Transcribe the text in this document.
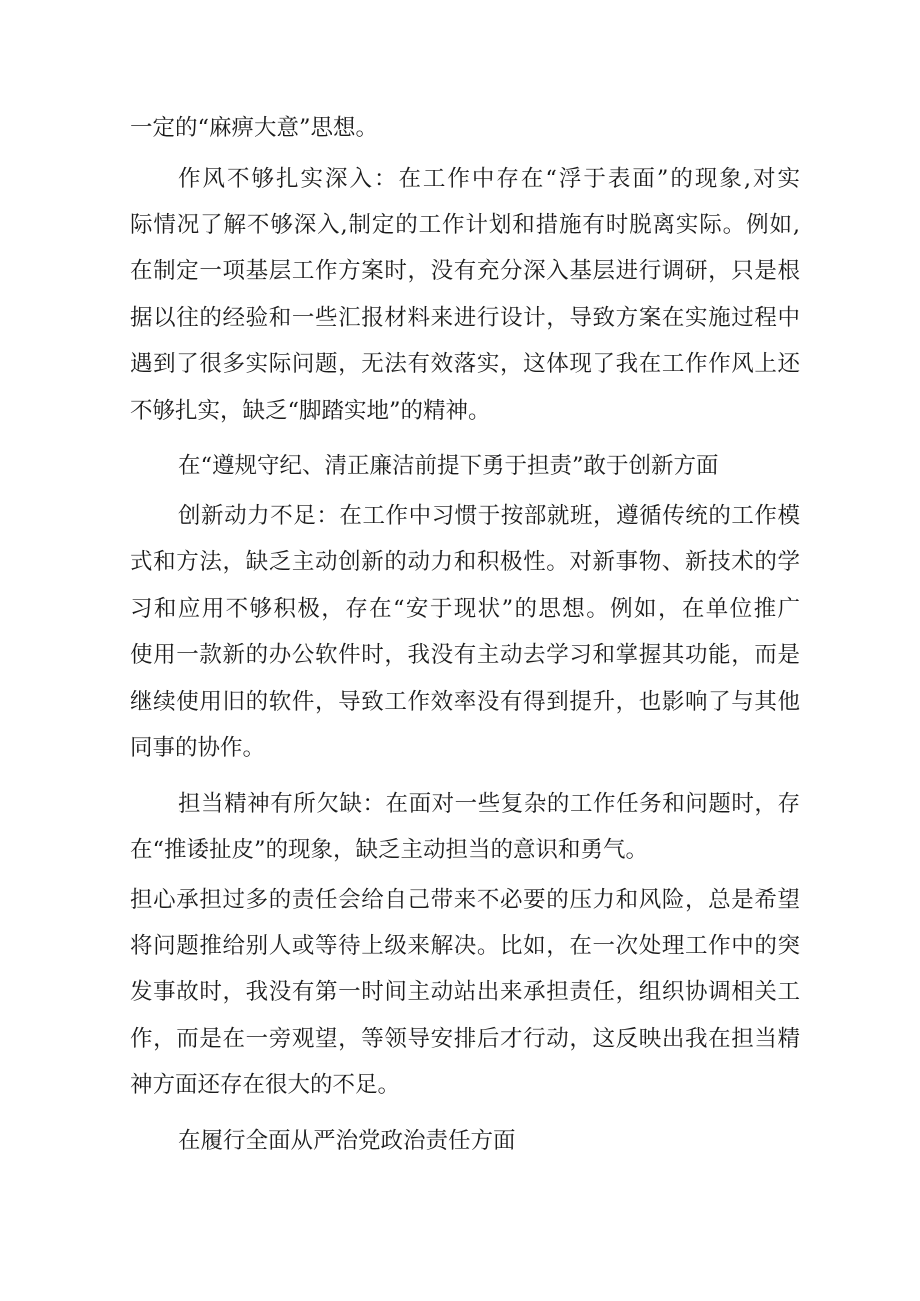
一定的“麻痹大意”思想。
作风不够扎实深入：在工作中存在“浮于表面”的现象,对实
际情况了解不够深入,制定的工作计划和措施有时脱离实际。例如,
在制定一项基层工作方案时，没有充分深入基层进行调研，只是根
据以往的经验和一些汇报材料来进行设计，导致方案在实施过程中
遇到了很多实际问题，无法有效落实，这体现了我在工作作风上还
不够扎实，缺乏“脚踏实地”的精神。
在“遵规守纪、清正廉洁前提下勇于担责”敢于创新方面
创新动力不足：在工作中习惯于按部就班，遵循传统的工作模
式和方法，缺乏主动创新的动力和积极性。对新事物、新技术的学
习和应用不够积极，存在“安于现状”的思想。例如，在单位推广
使用一款新的办公软件时，我没有主动去学习和掌握其功能，而是
继续使用旧的软件，导致工作效率没有得到提升，也影响了与其他
同事的协作。
担当精神有所欠缺：在面对一些复杂的工作任务和问题时，存
在“推诿扯皮”的现象，缺乏主动担当的意识和勇气。
担心承担过多的责任会给自己带来不必要的压力和风险，总是希望
将问题推给别人或等待上级来解决。比如，在一次处理工作中的突
发事故时，我没有第一时间主动站出来承担责任，组织协调相关工
作，而是在一旁观望，等领导安排后才行动，这反映出我在担当精
神方面还存在很大的不足。
在履行全面从严治党政治责任方面
